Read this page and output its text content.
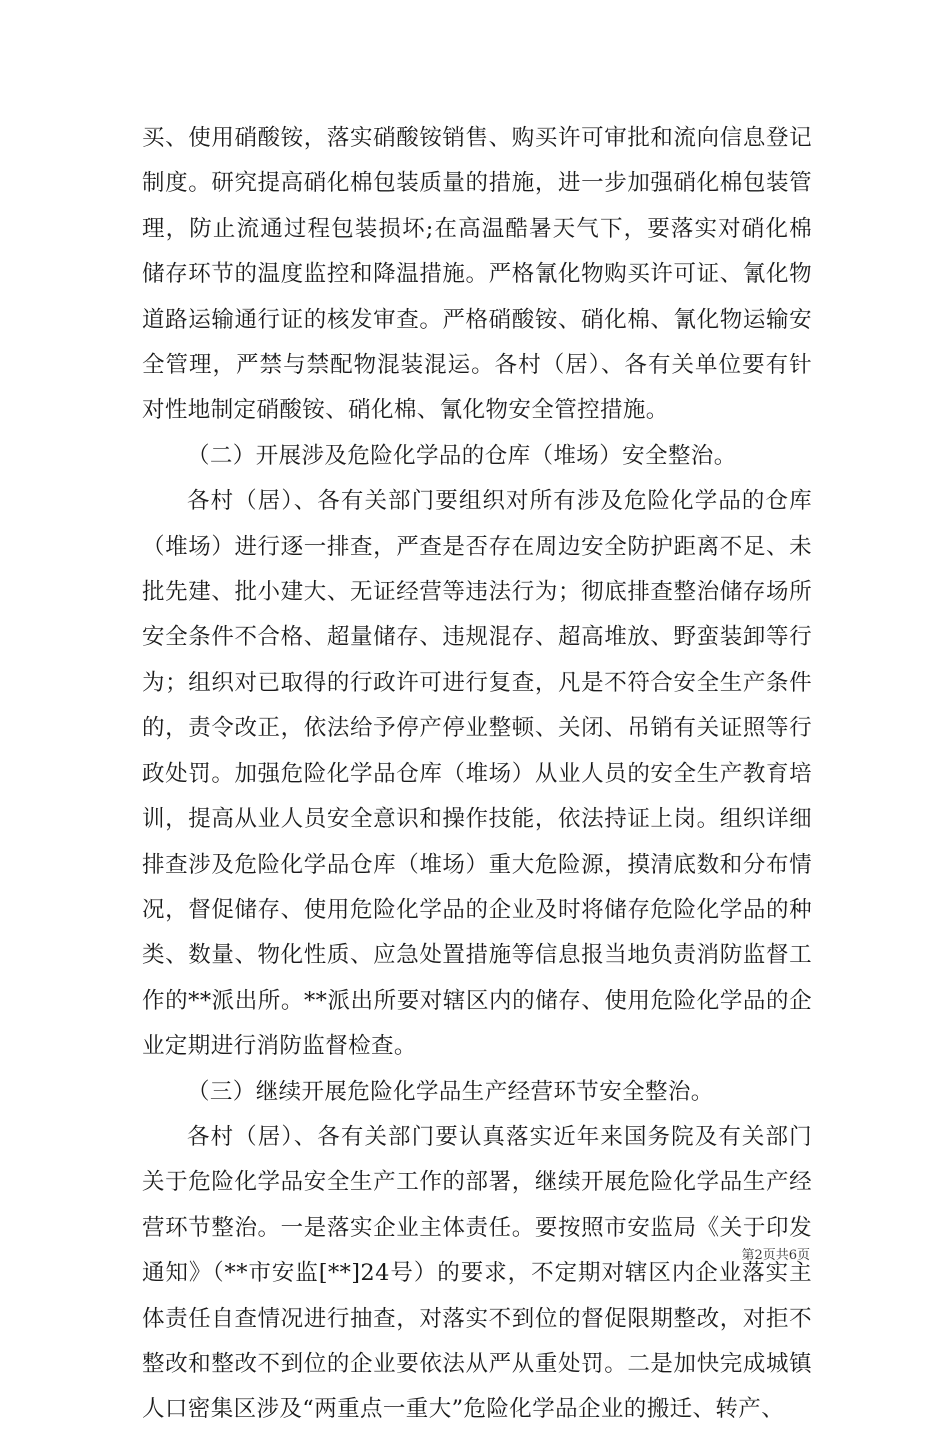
买、使用硝酸铵，落实硝酸铵销售、购买许可审批和流向信息登记制度。研究提高硝化棉包装质量的措施，进一步加强硝化棉包装管理，防止流通过程包装损坏;在高温酷暑天气下，要落实对硝化棉储存环节的温度监控和降温措施。严格氰化物购买许可证、氰化物道路运输通行证的核发审查。严格硝酸铵、硝化棉、氰化物运输安全管理，严禁与禁配物混装混运。各村（居）、各有关单位要有针对性地制定硝酸铵、硝化棉、氰化物安全管控措施。

（二）开展涉及危险化学品的仓库（堆场）安全整治。

各村（居）、各有关部门要组织对所有涉及危险化学品的仓库（堆场）进行逐一排查，严查是否存在周边安全防护距离不足、未批先建、批小建大、无证经营等违法行为；彻底排查整治储存场所安全条件不合格、超量储存、违规混存、超高堆放、野蛮装卸等行为；组织对已取得的行政许可进行复查，凡是不符合安全生产条件的，责令改正，依法给予停产停业整顿、关闭、吊销有关证照等行政处罚。加强危险化学品仓库（堆场）从业人员的安全生产教育培训，提高从业人员安全意识和操作技能，依法持证上岗。组织详细排查涉及危险化学品仓库（堆场）重大危险源，摸清底数和分布情况，督促储存、使用危险化学品的企业及时将储存危险化学品的种类、数量、物化性质、应急处置措施等信息报当地负责消防监督工作的**派出所。**派出所要对辖区内的储存、使用危险化学品的企业定期进行消防监督检查。

（三）继续开展危险化学品生产经营环节安全整治。

各村（居）、各有关部门要认真落实近年来国务院及有关部门关于危险化学品安全生产工作的部署，继续开展危险化学品生产经营环节整治。一是落实企业主体责任。要按照市安监局《关于印发通知》（**市安监[**]24号）的要求，不定期对辖区内企业落实主体责任自查情况进行抽查，对落实不到位的督促限期整改，对拒不整改和整改不到位的企业要依法从严从重处罚。二是加快完成城镇人口密集区涉及“两重点一重大”危险化学品企业的搬迁、转产、

第2页共6页
